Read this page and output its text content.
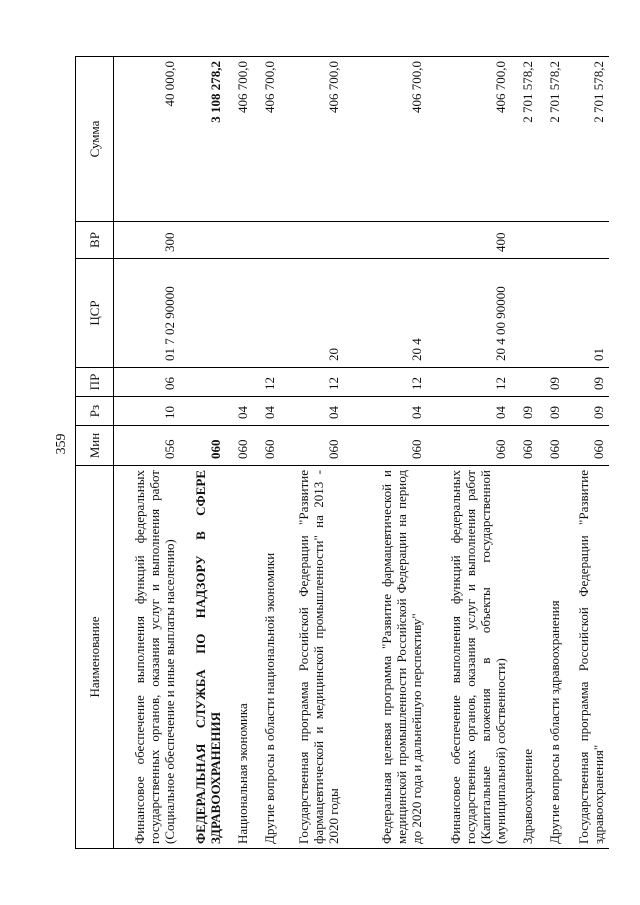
359
Наименование	Мин	Рз	ПР	ЦСР	ВР	Сумма
Финансовое обеспечение выполнения функций федеральных государственных органов, оказания услуг и выполнения работ (Социальное обеспечение и иные выплаты населению)	056	10	06	01 7 02 90000	300	40 000,0
ФЕДЕРАЛЬНАЯ СЛУЖБА ПО НАДЗОРУ В СФЕРЕ ЗДРАВООХРАНЕНИЯ	060					3 108 278,2
Национальная экономика	060	04				406 700,0
Другие вопросы в области национальной экономики	060	04	12			406 700,0
Государственная программа Российской Федерации "Развитие фармацевтической и медицинской промышленности" на 2013 - 2020 годы	060	04	12	20		406 700,0
Федеральная целевая программа "Развитие фармацевтической и медицинской промышленности Российской Федерации на период до 2020 года и дальнейшую перспективу"	060	04	12	20 4		406 700,0
Финансовое обеспечение выполнения функций федеральных государственных органов, оказания услуг и выполнения работ (Капитальные вложения в объекты государственной (муниципальной) собственности)	060	04	12	20 4 00 90000	400	406 700,0
Здравоохранение	060	09				2 701 578,2
Другие вопросы в области здравоохранения	060	09	09			2 701 578,2
Государственная программа Российской Федерации "Развитие здравоохранения"	060	09	09	01		2 701 578,2
